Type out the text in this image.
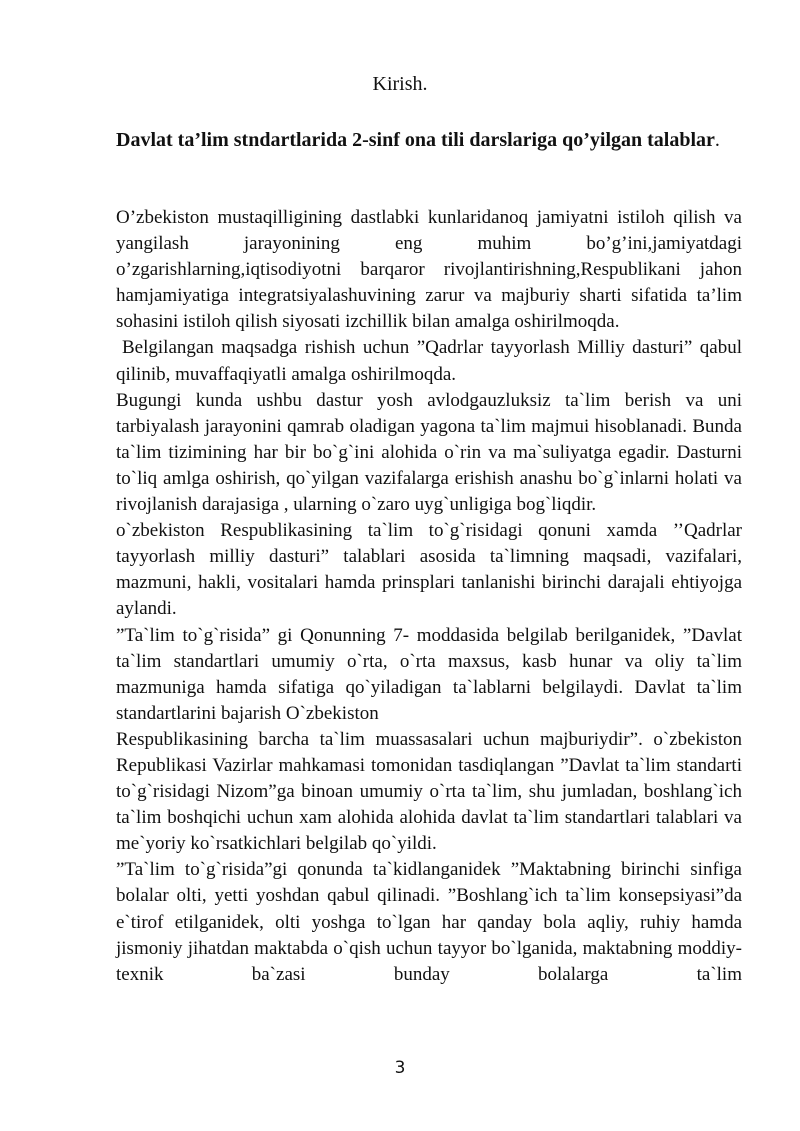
Kirish.
Davlat ta’lim stndartlarida 2-sinf ona tili darslariga qo’yilgan talablar.

O’zbekiston mustaqilligining dastlabki kunlaridanoq jamiyatni istiloh qilish va yangilash jarayonining eng muhim bo’g’ini,jamiyatdagi o’zgarishlarning,iqtisodiyotni barqaror rivojlantirishning,Respublikani jahon hamjamiyatiga integratsiyalashuvining zarur va majburiy sharti sifatida ta’lim sohasini istiloh qilish siyosati izchillik bilan amalga oshirilmoqda.

Belgilangan maqsadga rishish uchun ”Qadrlar tayyorlash Milliy dasturi” qabul qilinib, muvaffaqiyatli amalga oshirilmoqda.

Bugungi kunda ushbu dastur yosh avlodgauzluksiz ta`lim berish va uni tarbiyalash jarayonini qamrab oladigan yagona ta`lim majmui hisoblanadi. Bunda ta`lim tizimining har bir bo`g`ini alohida o`rin va ma`suliyatga egadir. Dasturni to`liq amlga oshirish, qo`yilgan vazifalarga erishish anashu bo`g`inlarni holati va rivojlanish darajasiga , ularning o`zaro uyg`unligiga bog`liqdir.

o`zbekiston Respublikasining ta`lim to`g`risidagi qonuni xamda ’’Qadrlar tayyorlash milliy dasturi” talablari asosida ta`limning maqsadi, vazifalari, mazmuni, hakli, vositalari hamda prinsplari tanlanishi birinchi darajali ehtiyojga aylandi.

”Ta`lim to`g`risida” gi Qonunning 7- moddasida belgilab berilganidek, ”Davlat ta`lim standartlari umumiy o`rta, o`rta maxsus, kasb hunar va oliy ta`lim mazmuniga hamda sifatiga qo`yiladigan ta`lablarni belgilaydi. Davlat ta`lim standartlarini bajarish O`zbekiston

Respublikasining barcha ta`lim muassasalari uchun majburiydir”. o`zbekiston Republikasi Vazirlar mahkamasi tomonidan tasdiqlangan ”Davlat ta`lim standarti to`g`risidagi Nizom”ga binoan umumiy o`rta ta`lim, shu jumladan, boshlang`ich ta`lim boshqichi uchun xam alohida alohida davlat ta`lim standartlari talablari va me`yoriy ko`rsatkichlari belgilab qo`yildi.

”Ta`lim to`g`risida”gi qonunda ta`kidlanganidek ”Maktabning birinchi sinfiga bolalar olti, yetti yoshdan qabul qilinadi. ”Boshlang`ich ta`lim konsepsiyasi”da e`tirof etilganidek, olti yoshga to`lgan har qanday bola aqliy, ruhiy hamda jismoniy jihatdan maktabda o`qish uchun tayyor bo`lganida, maktabning moddiy- texnik ba`zasi bunday bolalarga ta`lim

3
